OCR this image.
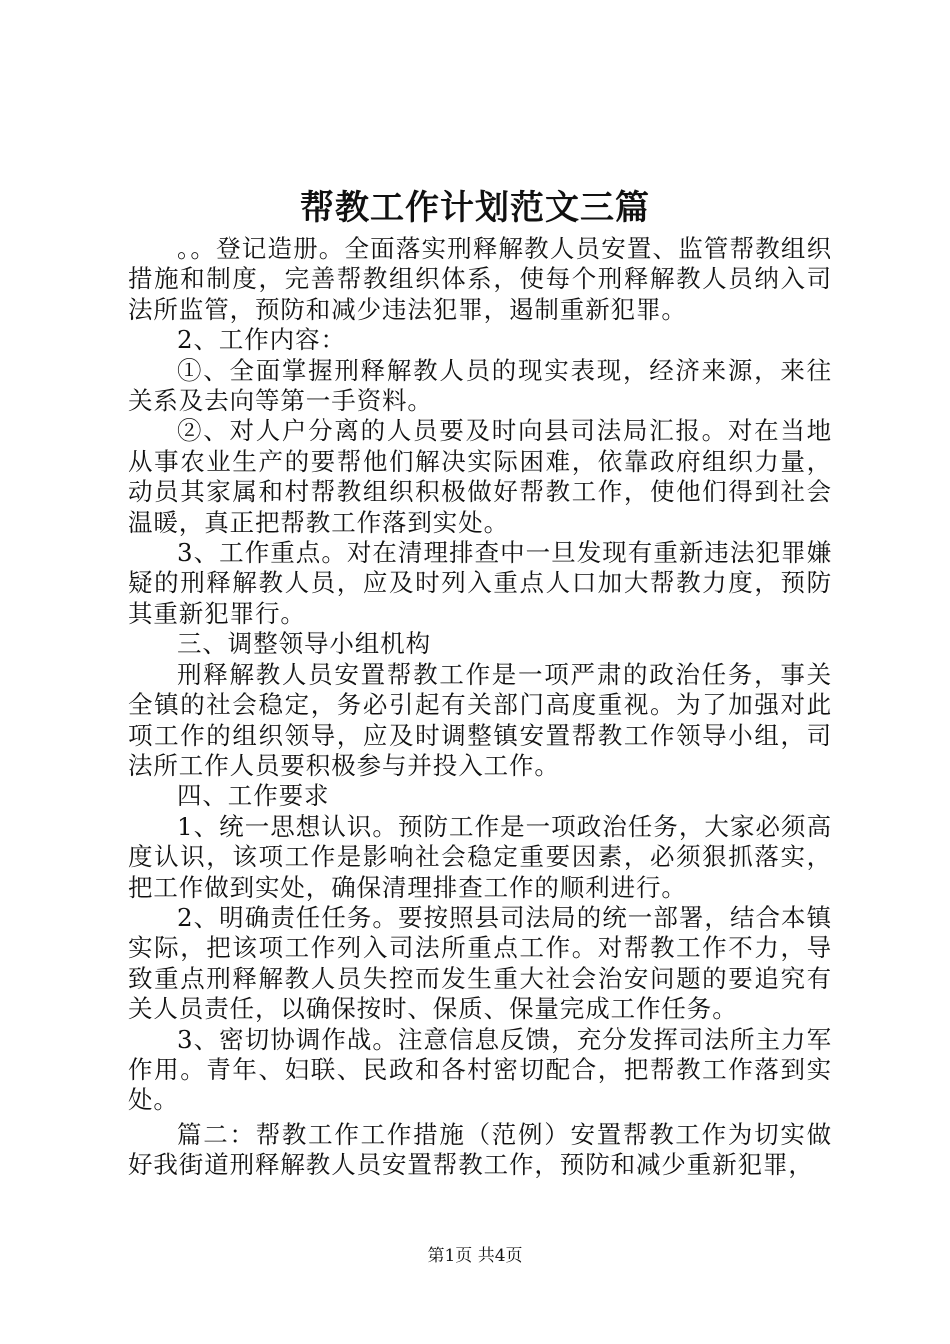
帮教工作计划范文三篇

。。登记造册。全面落实刑释解教人员安置、监管帮教组织措施和制度，完善帮教组织体系，使每个刑释解教人员纳入司法所监管，预防和减少违法犯罪，遏制重新犯罪。

2、工作内容：

①、全面掌握刑释解教人员的现实表现，经济来源，来往关系及去向等第一手资料。

②、对人户分离的人员要及时向县司法局汇报。对在当地从事农业生产的要帮他们解决实际困难，依靠政府组织力量，动员其家属和村帮教组织积极做好帮教工作，使他们得到社会温暖，真正把帮教工作落到实处。

3、工作重点。对在清理排查中一旦发现有重新违法犯罪嫌疑的刑释解教人员，应及时列入重点人口加大帮教力度，预防其重新犯罪行。

三、调整领导小组机构

刑释解教人员安置帮教工作是一项严肃的政治任务，事关全镇的社会稳定，务必引起有关部门高度重视。为了加强对此项工作的组织领导，应及时调整镇安置帮教工作领导小组，司法所工作人员要积极参与并投入工作。

四、工作要求

1、统一思想认识。预防工作是一项政治任务，大家必须高度认识，该项工作是影响社会稳定重要因素，必须狠抓落实，把工作做到实处，确保清理排查工作的顺利进行。

2、明确责任任务。要按照县司法局的统一部署，结合本镇实际，把该项工作列入司法所重点工作。对帮教工作不力，导致重点刑释解教人员失控而发生重大社会治安问题的要追究有关人员责任，以确保按时、保质、保量完成工作任务。

3、密切协调作战。注意信息反馈，充分发挥司法所主力军作用。青年、妇联、民政和各村密切配合，把帮教工作落到实处。

篇二：帮教工作工作措施（范例）安置帮教工作为切实做好我街道刑释解教人员安置帮教工作，预防和减少重新犯罪，

第1页 共4页
